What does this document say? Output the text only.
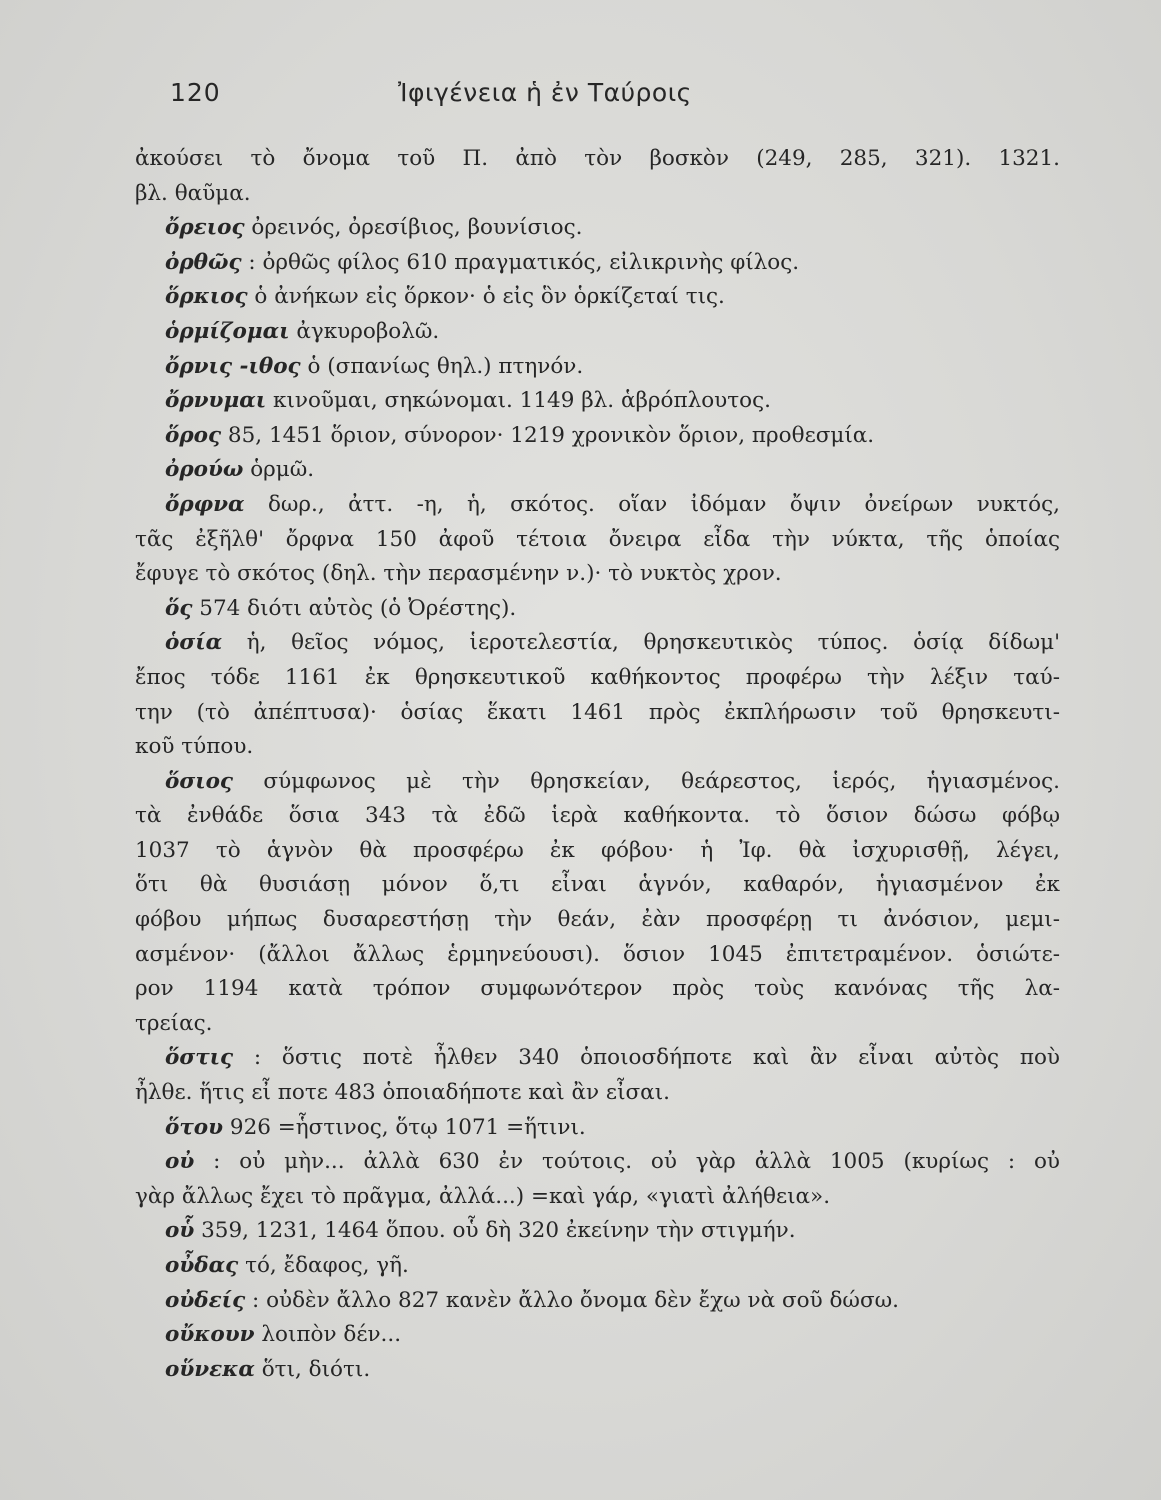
120	Ἰφιγένεια ἡ ἐν Ταύροις

ἀκούσει τὸ ὄνομα τοῦ Π. ἀπὸ τὸν βοσκὸν (249, 285, 321). 1321.
βλ. θαῦμα.

ὄρειος ὀρεινός, ὀρεσίβιος, βουνίσιος.

ὀρθῶς : ὀρθῶς φίλος 610 πραγματικός, εἰλικρινὴς φίλος.

ὅρκιος ὁ ἀνήκων εἰς ὅρκον· ὁ εἰς ὃν ὁρκίζεταί τις.

ὁρμίζομαι ἀγκυροβολῶ.

ὄρνις -ιθος ὁ (σπανίως θηλ.) πτηνόν.

ὄρνυμαι κινοῦμαι, σηκώνομαι. 1149 βλ. ἁβρόπλουτος.

ὅρος 85, 1451 ὅριον, σύνορον· 1219 χρονικὸν ὅριον, προθεσμία.

ὀρούω ὁρμῶ.

ὄρφνα δωρ., ἀττ. -η, ἡ, σκότος. οἵαν ἰδόμαν ὄψιν ὀνείρων νυκτός,
τᾶς ἐξῆλθ' ὄρφνα 150 ἀφοῦ τέτοια ὄνειρα εἶδα τὴν νύκτα, τῆς ὁποίας
ἔφυγε τὸ σκότος (δηλ. τὴν περασμένην ν.)· τὸ νυκτὸς χρον.

ὅς 574 διότι αὐτὸς (ὁ Ὀρέστης).

ὁσία ἡ, θεῖος νόμος, ἱεροτελεστία, θρησκευτικὸς τύπος. ὁσίᾳ δίδωμ'
ἔπος τόδε 1161 ἐκ θρησκευτικοῦ καθήκοντος προφέρω τὴν λέξιν ταύ-
την (τὸ ἀπέπτυσα)· ὁσίας ἕκατι 1461 πρὸς ἐκπλήρωσιν τοῦ θρησκευτι-
κοῦ τύπου.

ὅσιος σύμφωνος μὲ τὴν θρησκείαν, θεάρεστος, ἱερός, ἡγιασμένος.
τὰ ἐνθάδε ὅσια 343 τὰ ἐδῶ ἱερὰ καθήκοντα. τὸ ὅσιον δώσω φόβῳ
1037 τὸ ἁγνὸν θὰ προσφέρω ἐκ φόβου· ἡ Ἰφ. θὰ ἰσχυρισθῇ, λέγει,
ὅτι θὰ θυσιάσῃ μόνον ὅ,τι εἶναι ἁγνόν, καθαρόν, ἡγιασμένον ἐκ
φόβου μήπως δυσαρεστήσῃ τὴν θεάν, ἐὰν προσφέρῃ τι ἀνόσιον, μεμι-
ασμένον· (ἄλλοι ἄλλως ἑρμηνεύουσι). ὅσιον 1045 ἐπιτετραμένον. ὁσιώτε-
ρον 1194 κατὰ τρόπον συμφωνότερον πρὸς τοὺς κανόνας τῆς λα-
τρείας.

ὅστις : ὅστις ποτὲ ἦλθεν 340 ὁποιοσδήποτε καὶ ἂν εἶναι αὐτὸς ποὺ
ἦλθε. ἥτις εἶ ποτε 483 ὁποιαδήποτε καὶ ἂν εἶσαι.

ὅτου 926 =ἧστινος, ὅτῳ 1071 =ἥτινι.

οὐ : οὐ μὴν... ἀλλὰ 630 ἐν τούτοις. οὐ γὰρ ἀλλὰ 1005 (κυρίως : οὐ
γὰρ ἄλλως ἔχει τὸ πρᾶγμα, ἀλλά...) =καὶ γάρ, «γιατὶ ἀλήθεια».

οὗ 359, 1231, 1464 ὅπου. οὗ δὴ 320 ἐκείνην τὴν στιγμήν.

οὖδας τό, ἔδαφος, γῆ.

οὐδείς : οὐδὲν ἄλλο 827 κανὲν ἄλλο ὄνομα δὲν ἔχω νὰ σοῦ δώσω.

οὔκουν λοιπὸν δέν...

οὕνεκα ὅτι, διότι.
